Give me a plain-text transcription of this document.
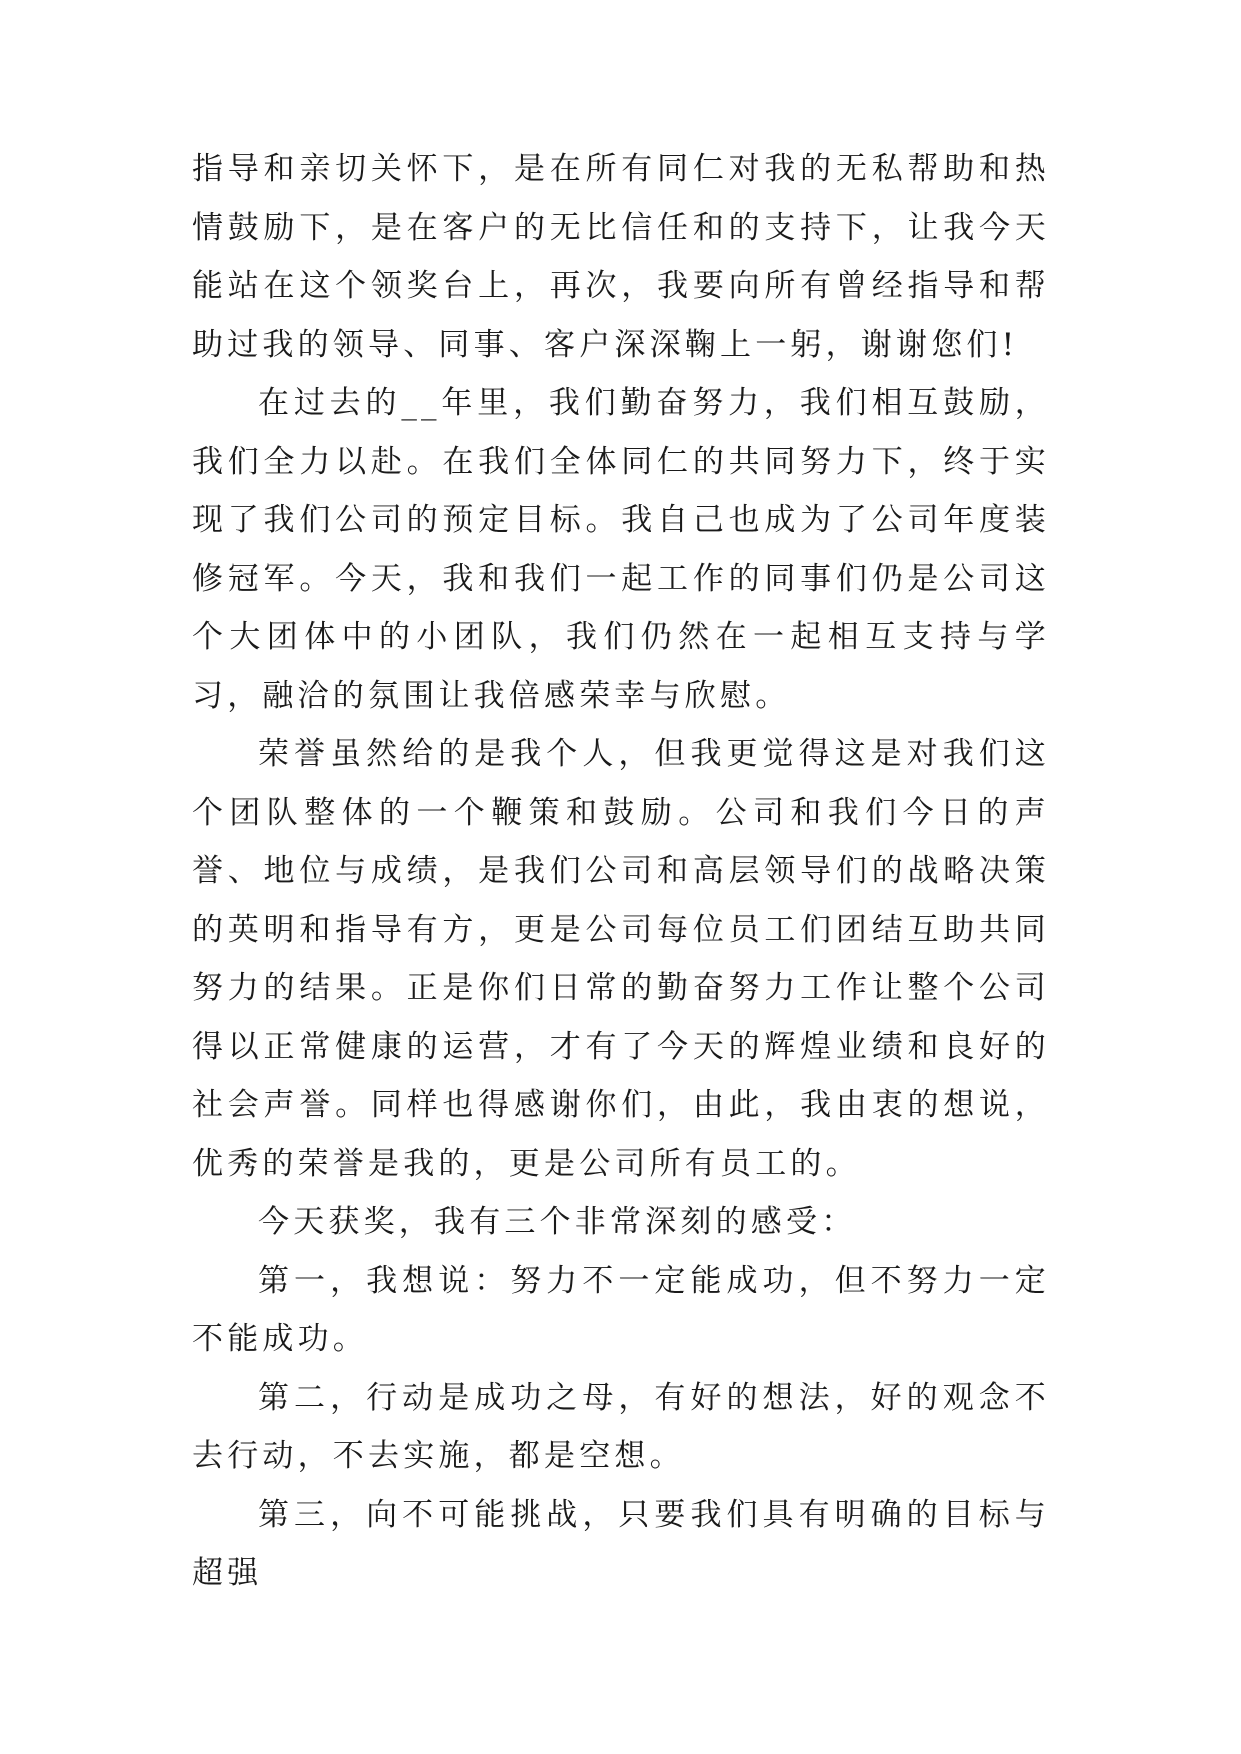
指导和亲切关怀下，是在所有同仁对我的无私帮助和热情鼓励下，是在客户的无比信任和的支持下，让我今天能站在这个领奖台上，再次，我要向所有曾经指导和帮助过我的领导、同事、客户深深鞠上一躬，谢谢您们!

在过去的__年里，我们勤奋努力，我们相互鼓励，我们全力以赴。在我们全体同仁的共同努力下，终于实现了我们公司的预定目标。我自己也成为了公司年度装修冠军。今天，我和我们一起工作的同事们仍是公司这个大团体中的小团队，我们仍然在一起相互支持与学习，融洽的氛围让我倍感荣幸与欣慰。

荣誉虽然给的是我个人，但我更觉得这是对我们这个团队整体的一个鞭策和鼓励。公司和我们今日的声誉、地位与成绩，是我们公司和高层领导们的战略决策的英明和指导有方，更是公司每位员工们团结互助共同努力的结果。正是你们日常的勤奋努力工作让整个公司得以正常健康的运营，才有了今天的辉煌业绩和良好的社会声誉。同样也得感谢你们，由此，我由衷的想说，优秀的荣誉是我的，更是公司所有员工的。

今天获奖，我有三个非常深刻的感受：

第一，我想说：努力不一定能成功，但不努力一定不能成功。

第二，行动是成功之母，有好的想法，好的观念不去行动，不去实施，都是空想。

第三，向不可能挑战，只要我们具有明确的目标与超强
